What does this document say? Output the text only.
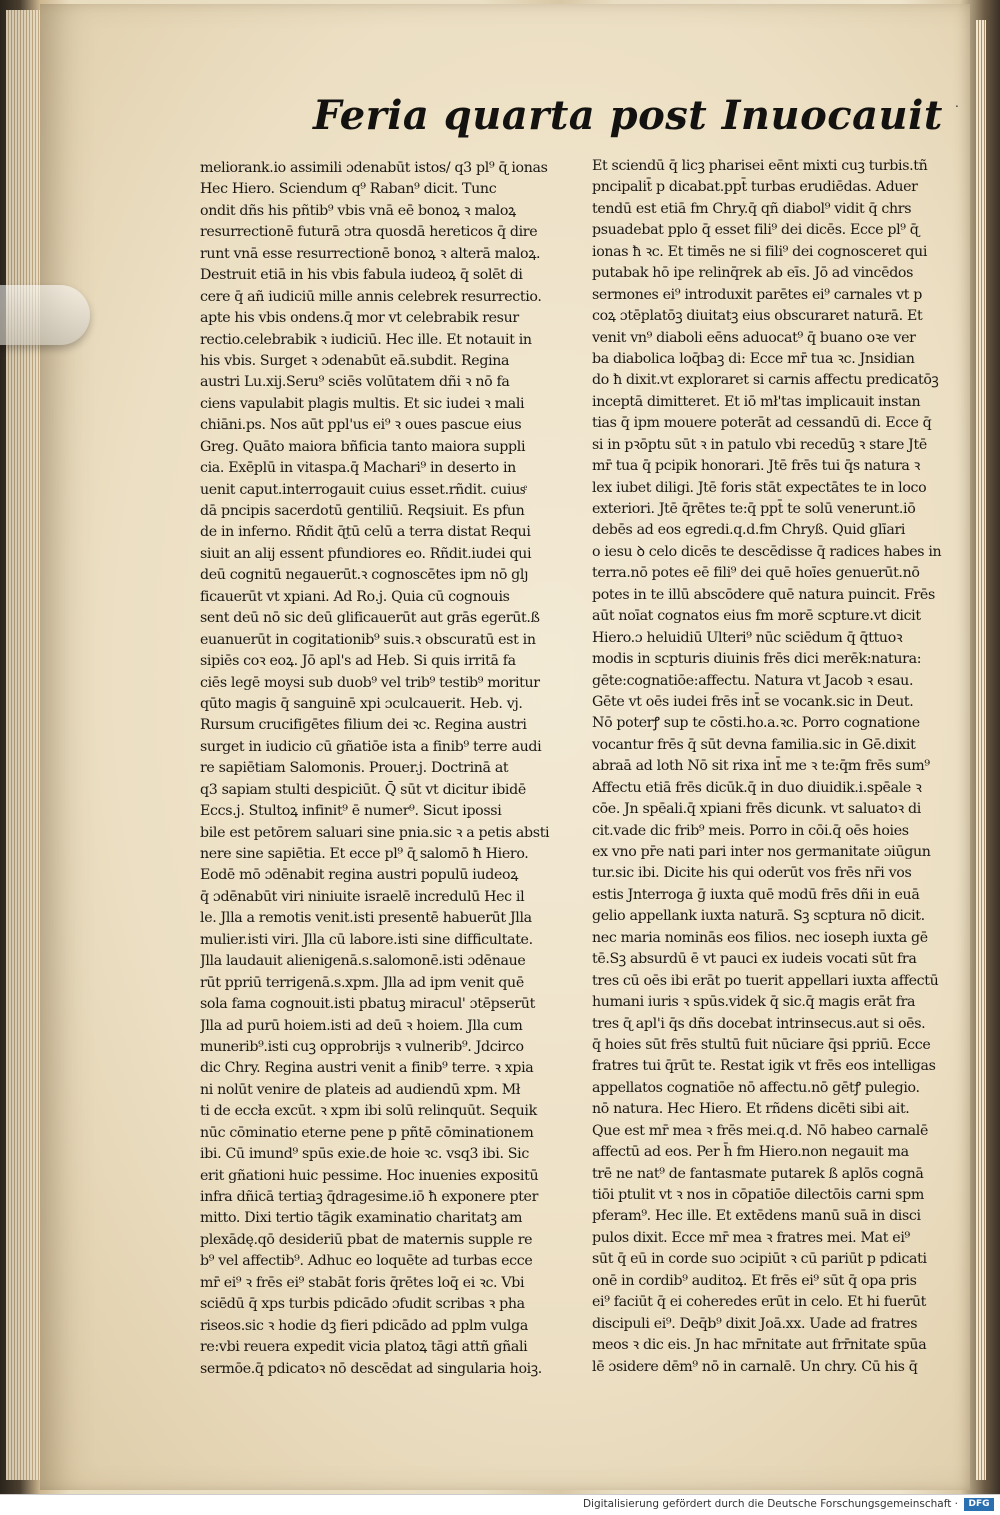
.
Feria quarta post Inuocauit
meliorank.io assimili ɔdenabūt istos/ q3 pl⁹ ɋ̄ ionas
Hec Hiero. Sciendum q⁹ Raban⁹ dicit. Tunc
ondit dñs his pñtib⁹ vbis vnā eē bonoꝝ ꝛ maloꝝ
resurrectionē futurā ɔtra quosdā hereticos q̄ dire
runt vnā esse resurrectionē bonoꝝ ꝛ alterā maloꝝ.
Destruit etiā in his vbis fabula iudeoꝝ q̄ solēt di
cere q̄ añ iudiciū mille annis celebrek resurrectio.
apte his vbis ondens.q̄ mor vt celebrabik resur
rectio.celebrabik ꝛ iudiciū. Hec ille. Et notauit in
his vbis. Surget ꝛ ɔdenabūt eā.subdit. Regina
austri Lu.xij.Seru⁹ sciēs volūtatem dñi ꝛ nō fa
ciens vapulabit plagis multis. Et sic iudei ꝛ mali
chiāni.ps. Nos aūt ppl'us ei⁹ ꝛ oues pascue eius
Greg. Quāto maiora bñficia tanto maiora suppli
cia. Exēplū in vitaspa.q̄ Machari⁹ in deserto in
uenit caput.interrogauit cuius esset.rñdit. cuiusͤ
dā pncipis sacerdotū gentiliū. Reqsiuit. Es pfun
de in inferno. Rñdit ɋ̄tū celū a terra distat Requi
siuit an alij essent pfundiores eo. Rñdit.iudei qui
deū cognitū negauerūt.ꝛ cognoscētes ipm nō glȷ
ficauerūt vt xpiani. Ad Ro.j. Quia cū cognouis
sent deū nō sic deū glificauerūt aut grās egerūt.ß
euanuerūt in cogitationib⁹ suis.ꝛ obscuratū est in
sipiēs coꝛ eoꝝ. Jō apl's ad Heb. Si quis irritā fa
ciēs legē moysi sub duob⁹ vel trib⁹ testib⁹ moritur
qūto magis q̄ sanguinē xpi ɔculcauerit. Heb. vj.
Rursum crucifigētes filium dei ꝛc. Regina austri
surget in iudicio cū gñatiōe ista a finib⁹ terre audi
re sapiētiam Salomonis. Prouer.j. Doctrinā at
q3 sapiam stulti despiciūt. Q̄ sūt vt dicitur ibidē
Eccs.j. Stultoꝝ infinit⁹ ē numer⁹. Sicut ipossi
bile est petōrem saluari sine pnia.sic ꝛ a petis absti
nere sine sapiētia. Et ecce pl⁹ ɋ̄ salomō ħ Hiero.
Eodē mō ɔdēnabit regina austri populū iudeoꝝ
q̄ ɔdēnabūt viri niniuite israelē incredulū Hec il
le. Jlla a remotis venit.isti presentē habuerūt Jlla
mulier.isti viri. Jlla cū labore.isti sine difficultate.
Jlla laudauit alienigenā.s.salomonē.isti ɔdēnaue
rūt ppriū terrigenā.s.xpm. Jlla ad ipm venit quē
sola fama cognouit.isti pbatuꝫ miracul' ɔtēpserūt
Jlla ad purū hoiem.isti ad deū ꝛ hoiem. Jlla cum
munerib⁹.isti cuꝫ opprobrijs ꝛ vulnerib⁹. Jdcirco
dic Chry. Regina austri venit a finib⁹ terre. ꝛ xpia
ni nolūt venire de plateis ad audiendū xpm. Mł
ti de eccła excūt. ꝛ xpm ibi solū relinquūt. Sequik
nūc cōminatio eterne pene p pñtē cōminationem
ibi. Cū imund⁹ spūs exie.de hoie ꝛc. vsq3 ibi. Sic
erit gñationi huic pessime. Hoc inuenies expositū
infra dñicā tertiaꝫ q̄dragesime.iō ħ exponere pter
mitto. Dixi tertio tāgik examinatio charitatꝫ am
plexādę.qō desideriū pbat de maternis supple re
b⁹ vel affectib⁹. Adhuc eo loquēte ad turbas ecce
mr̄ ei⁹ ꝛ frēs ei⁹ stabāt foris q̄rētes loq̄ ei ꝛc. Vbi
sciēdū q̄ xps turbis pdicādo ɔfudit scribas ꝛ pha
riseos.sic ꝛ hodie dꝫ fieri pdicādo ad pplm vulga
re:vbi reuera expedit vicia platoꝝ tāgi attñ gñali
sermōe.q̄ pdicatoꝛ nō descēdat ad singularia hoiꝫ.
Et sciendū q̄ licꝫ pharisei eēnt mixti cuꝫ turbis.tñ
pncipalit̄ p dicabat.ppt̄ turbas erudiēdas. Aduer
tendū est etiā fm Chry.q̄ qñ diabol⁹ vidit q̄ chrs
psuadebat pplo q̄ esset fili⁹ dei dicēs. Ecce pl⁹ ɋ̄
ionas ħ ꝛc. Et timēs ne si fili⁹ dei cognosceret qui
putabak hō ipe relinq̄rek ab eīs. Jō ad vincēdos
sermones ei⁹ introduxit parētes ei⁹ carnales vt p
coꝝ ɔtēplatōꝫ diuitatꝫ eius obscuraret naturā. Et
venit vn⁹ diaboli eēns aduocat⁹ q̄ buano oꝛe ver
ba diabolica loq̄baꝫ di: Ecce mr̄ tua ꝛc. Jnsidian
do ħ dixit.vt exploraret si carnis affectu predicatōꝫ
inceptā dimitteret. Et iō mł'tas implicauit instan
tias q̄ ipm mouere poterāt ad cessandū di. Ecce q̄
si in pꝛōptu sūt ꝛ in patulo vbi recedūꝫ ꝛ stare Jtē
mr̄ tua q̄ pcipik honorari. Jtē frēs tui q̄s natura ꝛ
lex iubet diligi. Jtē foris stāt expectātes te in loco
exteriori. Jtē q̄rētes te:q̄ ppt̄ te solū venerunt.iō
debēs ad eos egredi.q.d.fm Chryß. Quid glīari
o iesu ꝺ celo dicēs te descēdisse q̄ radices habes in
terra.nō potes eē fili⁹ dei quē hoīes genuerūt.nō
potes in te illū abscōdere quē natura puincit. Frēs
aūt noīat cognatos eius fm morē scpture.vt dicit
Hiero.ɔ heluidiū Ulteri⁹ nūc sciēdum q̄ q̄ttuoꝛ
modis in scpturis diuinis frēs dici merēk:natura:
gēte:cognatiōe:affectu. Natura vt Jacob ꝛ esau.
Gēte vt oēs iudei frēs int̄ se vocank.sic in Deut.
Nō poterꝭ sup te cōsti.ho.a.ꝛc. Porro cognatione
vocantur frēs q̄ sūt devna familia.sic in Gē.dixit
abraā ad loth Nō sit rixa int̄ me ꝛ te:q̄m frēs sum⁹
Affectu etiā frēs dicūk.q̄ in duo diuidik.i.spēale ꝛ
cōe. Jn spēali.q̄ xpiani frēs dicunk. vt saluatoꝛ di
cit.vade dic frib⁹ meis. Porro in cōi.q̄ oēs hoies
ex vno pr̄e nati pari inter nos germanitate ɔiūgun
tur.sic ibi. Dicite his qui oderūt vos frēs nr̄i vos
estis Jnterroga ḡ iuxta quē modū frēs dñi in euā
gelio appellank iuxta naturā. Sꝫ scptura nō dicit.
nec maria nominās eos filios. nec ioseph iuxta gē
tē.Sꝫ absurdū ē vt pauci ex iudeis vocati sūt fra
tres cū oēs ibi erāt po tuerit appellari iuxta affectū
humani iuris ꝛ spūs.videk q̄ sic.q̄ magis erāt fra
tres ɋ̄ apl'i q̄s dñs docebat intrinsecus.aut si oēs.
q̄ hoies sūt frēs stultū fuit nūciare q̄si ppriū. Ecce
fratres tui q̄rūt te. Restat igik vt frēs eos intelligas
appellatos cognatiōe nō affectu.nō gētꝭ pulegio.
nō natura. Hec Hiero. Et rñdens dicēti sibi ait.
Que est mr̄ mea ꝛ frēs mei.q.d. Nō habeo carnalē
affectū ad eos. Per h̄ fm Hiero.non negauit ma
trē ne nat⁹ de fantasmate putarek ß aplōs cognā
tiōi ptulit vt ꝛ nos in cōpatiōe dilectōis carni spm
pferam⁹. Hec ille. Et extēdens manū suā in disci
pulos dixit. Ecce mr̄ mea ꝛ fratres mei. Mat ei⁹
sūt q̄ eū in corde suo ɔcipiūt ꝛ cū pariūt p pdicati
onē in cordib⁹ auditoꝝ. Et frēs ei⁹ sūt q̄ opa pris
ei⁹ faciūt q̄ ei coheredes erūt in celo. Et hi fuerūt
discipuli ei⁹. Deq̄b⁹ dixit Joā.xx. Uade ad fratres
meos ꝛ dic eis. Jn hac mr̄nitate aut frr̄nitate spūa
lē ɔsidere dēm⁹ nō in carnalē. Un chry. Cū his q̄
Digitalisierung gefördert durch die Deutsche Forschungsgemeinschaft ·	DFG
